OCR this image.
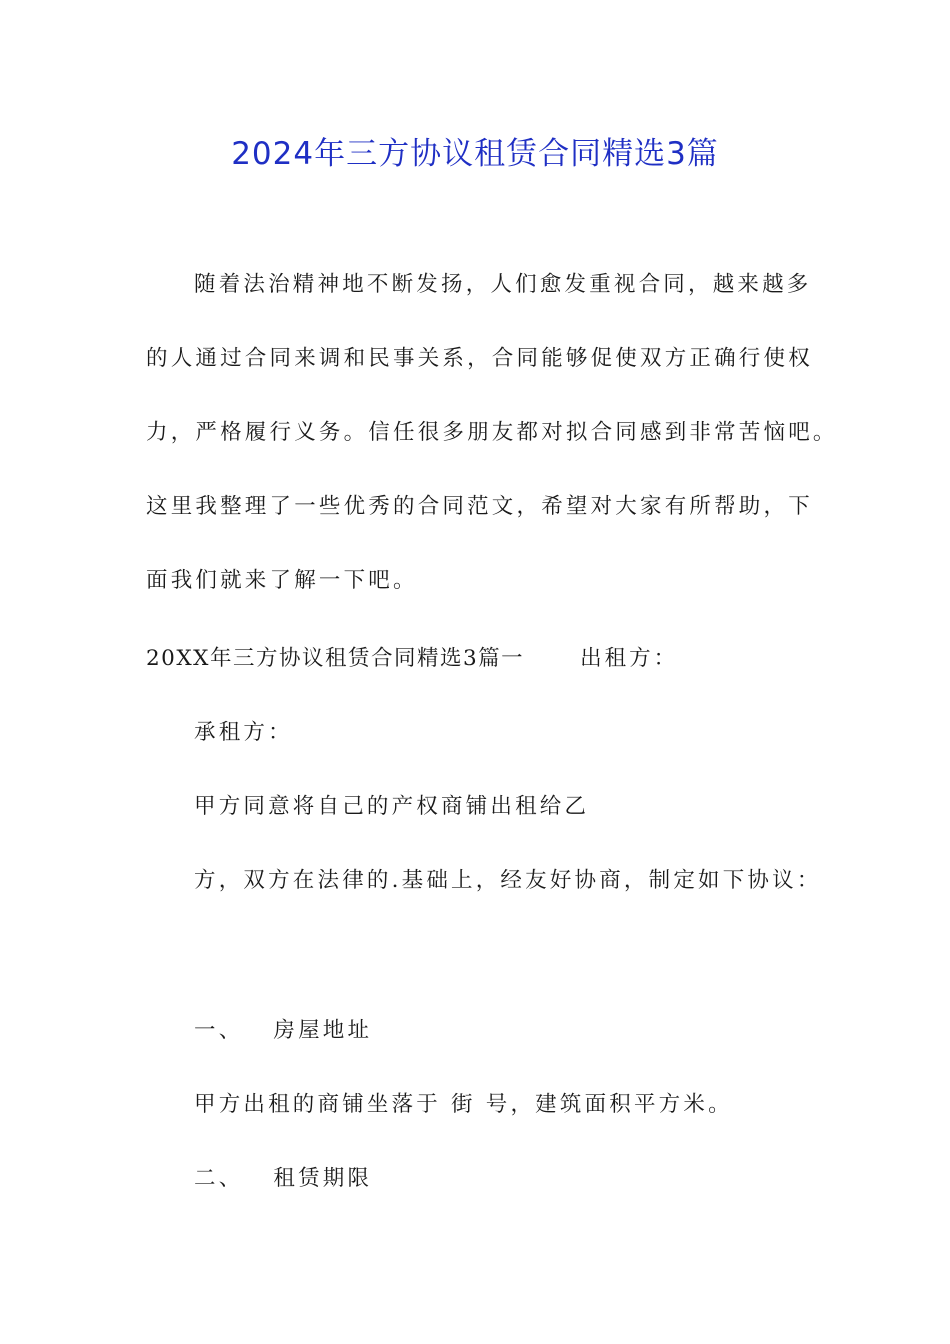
2024年三方协议租赁合同精选3篇
随着法治精神地不断发扬，人们愈发重视合同，越来越多
的人通过合同来调和民事关系，合同能够促使双方正确行使权
力，严格履行义务。信任很多朋友都对拟合同感到非常苦恼吧。
这里我整理了一些优秀的合同范文，希望对大家有所帮助，下
面我们就来了解一下吧。
20XX年三方协议租赁合同精选3篇一	出租方：
承租方：
甲方同意将自己的产权商铺出租给乙
方，双方在法律的.基础上，经友好协商，制定如下协议：
一、 房屋地址
甲方出租的商铺坐落于 街 号，建筑面积平方米。
二、 租赁期限
